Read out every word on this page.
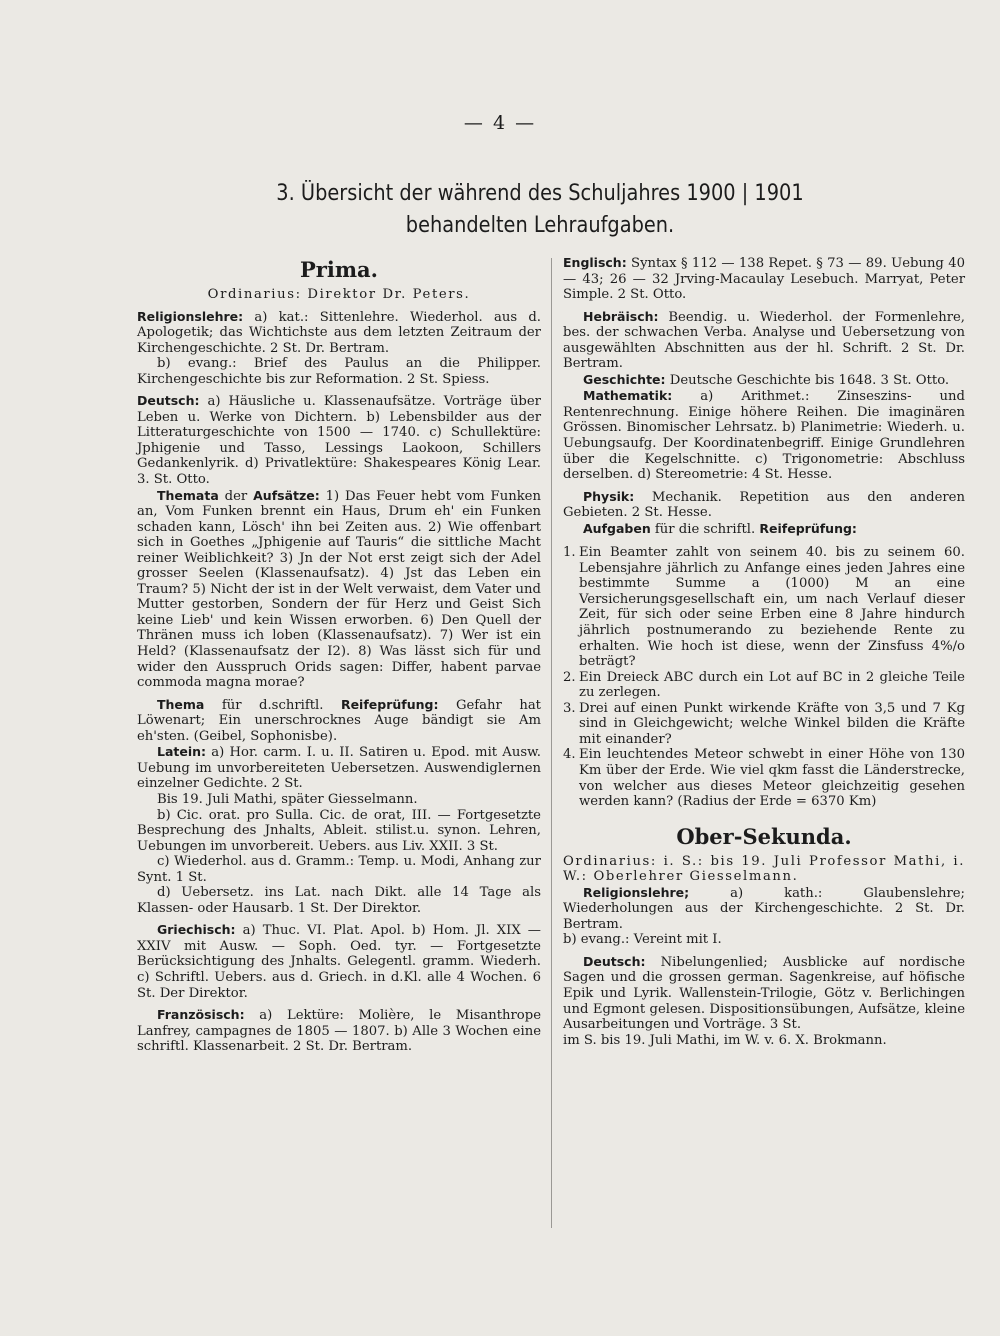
— 4 —
3. Übersicht der während des Schuljahres 1900 | 1901
behandelten Lehraufgaben.
Prima.

Ordinarius: Direktor Dr. Peters.

Religionslehre: a) kat.: Sittenlehre. Wiederhol. aus d. Apologetik; das Wichtichste aus dem letzten Zeitraum der Kirchengeschichte. 2 St. Dr. Bertram.

b) evang.: Brief des Paulus an die Philipper. Kirchengeschichte bis zur Reformation. 2 St. Spiess.

Deutsch: a) Häusliche u. Klassenaufsätze. Vorträge über Leben u. Werke von Dichtern. b) Lebensbilder aus der Litteraturgeschichte von 1500 — 1740. c) Schullektüre: Jphigenie und Tasso, Lessings Laokoon, Schillers Gedankenlyrik. d) Privatlektüre: Shakespeares König Lear. 3. St. Otto.

Themata der Aufsätze: 1) Das Feuer hebt vom Funken an, Vom Funken brennt ein Haus, Drum eh' ein Funken schaden kann, Lösch' ihn bei Zeiten aus. 2) Wie offenbart sich in Goethes „Jphigenie auf Tauris“ die sittliche Macht reiner Weiblichkeit? 3) Jn der Not erst zeigt sich der Adel grosser Seelen (Klassenaufsatz). 4) Jst das Leben ein Traum? 5) Nicht der ist in der Welt verwaist, dem Vater und Mutter gestorben, Sondern der für Herz und Geist Sich keine Lieb' und kein Wissen erworben. 6) Den Quell der Thränen muss ich loben (Klassenaufsatz). 7) Wer ist ein Held? (Klassenaufsatz der I2). 8) Was lässt sich für und wider den Ausspruch Orids sagen: Differ, habent parvae commoda magna morae?

Thema für d.schriftl. Reifeprüfung: Gefahr hat Löwenart; Ein unerschrocknes Auge bändigt sie Am eh'sten. (Geibel, Sophonisbe).

Latein: a) Hor. carm. I. u. II. Satiren u. Epod. mit Ausw. Uebung im unvorbereiteten Uebersetzen. Auswendiglernen einzelner Gedichte. 2 St.

Bis 19. Juli Mathi, später Giesselmann.

b) Cic. orat. pro Sulla. Cic. de orat, III. — Fortgesetzte Besprechung des Jnhalts, Ableit. stilist.u. synon. Lehren, Uebungen im unvorbereit. Uebers. aus Liv. XXII. 3 St.

c) Wiederhol. aus d. Gramm.: Temp. u. Modi, Anhang zur Synt. 1 St.

d) Uebersetz. ins Lat. nach Dikt. alle 14 Tage als Klassen- oder Hausarb. 1 St. Der Direktor.

Griechisch: a) Thuc. VI. Plat. Apol. b) Hom. Jl. XIX — XXIV mit Ausw. — Soph. Oed. tyr. — Fortgesetzte Berücksichtigung des Jnhalts. Gelegentl. gramm. Wiederh. c) Schriftl. Uebers. aus d. Griech. in d.Kl. alle 4 Wochen. 6 St. Der Direktor.

Französisch: a) Lektüre: Molière, le Misanthrope Lanfrey, campagnes de 1805 — 1807. b) Alle 3 Wochen eine schriftl. Klassenarbeit. 2 St. Dr. Bertram.

Englisch: Syntax § 112 — 138 Repet. § 73 — 89. Uebung 40 — 43; 26 — 32 Jrving-Macaulay Lesebuch. Marryat, Peter Simple. 2 St. Otto.

Hebräisch: Beendig. u. Wiederhol. der Formenlehre, bes. der schwachen Verba. Analyse und Uebersetzung von ausgewählten Abschnitten aus der hl. Schrift. 2 St. Dr. Bertram.

Geschichte: Deutsche Geschichte bis 1648. 3 St. Otto.

Mathematik: a) Arithmet.: Zinseszins- und Rentenrechnung. Einige höhere Reihen. Die imaginären Grössen. Binomischer Lehrsatz. b) Planimetrie: Wiederh. u. Uebungsaufg. Der Koordinatenbegriff. Einige Grundlehren über die Kegelschnitte. c) Trigonometrie: Abschluss derselben. d) Stereometrie: 4 St. Hesse.

Physik: Mechanik. Repetition aus den anderen Gebieten. 2 St. Hesse.

Aufgaben für die schriftl. Reifeprüfung:

1. Ein Beamter zahlt von seinem 40. bis zu seinem 60. Lebensjahre jährlich zu Anfange eines jeden Jahres eine bestimmte Summe a (1000) M an eine Versicherungsgesellschaft ein, um nach Verlauf dieser Zeit, für sich oder seine Erben eine 8 Jahre hindurch jährlich postnumerando zu beziehende Rente zu erhalten. Wie hoch ist diese, wenn der Zinsfuss 4%/o beträgt?
2. Ein Dreieck ABC durch ein Lot auf BC in 2 gleiche Teile zu zerlegen.
3. Drei auf einen Punkt wirkende Kräfte von 3,5 und 7 Kg sind in Gleichgewicht; welche Winkel bilden die Kräfte mit einander?
4. Ein leuchtendes Meteor schwebt in einer Höhe von 130 Km über der Erde. Wie viel qkm fasst die Länderstrecke, von welcher aus dieses Meteor gleichzeitig gesehen werden kann? (Radius der Erde = 6370 Km)
Ober-Sekunda.

Ordinarius: i. S.: bis 19. Juli Professor Mathi, i. W.: Oberlehrer Giesselmann.

Religionslehre;	a) kath.: Glaubenslehre; Wiederholungen aus der Kirchengeschichte. 2 St. Dr. Bertram.

b) evang.: Vereint mit I.

Deutsch: Nibelungenlied; Ausblicke auf nordische Sagen und die grossen german. Sagenkreise, auf höfische Epik und Lyrik. Wallenstein-Trilogie, Götz v. Berlichingen und Egmont gelesen. Dispositionsübungen, Aufsätze, kleine Ausarbeitungen und Vorträge. 3 St.

im S. bis 19. Juli Mathi, im W. v. 6. X. Brokmann.
